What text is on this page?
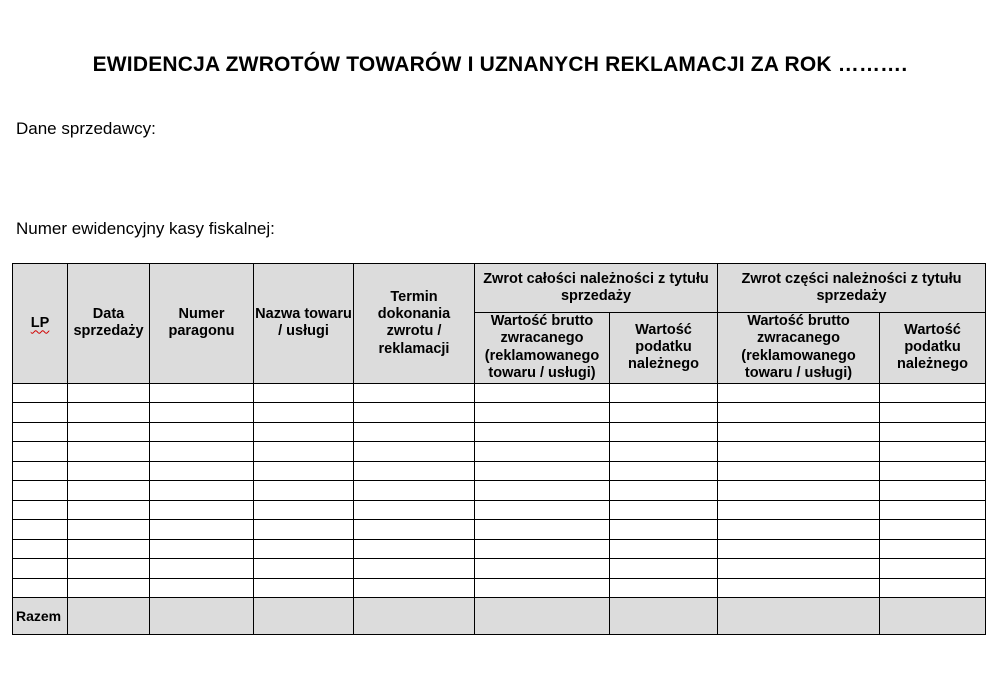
EWIDENCJA ZWROTÓW TOWARÓW I UZNANYCH REKLAMACJI ZA ROK ……….
Dane sprzedawcy:
Numer ewidencyjny kasy fiskalnej:
LP	Data sprzedaży	Numer paragonu	Nazwa towaru / usługi	Termin dokonania zwrotu / reklamacji	Zwrot całości należności z tytułu sprzedaży		Zwrot części należności z tytułu sprzedaży	
					Wartość brutto zwracanego (reklamowanego towaru / usługi)	Wartość podatku należnego	Wartość brutto zwracanego (reklamowanego towaru / usługi)	Wartość podatku należnego

Razem								
